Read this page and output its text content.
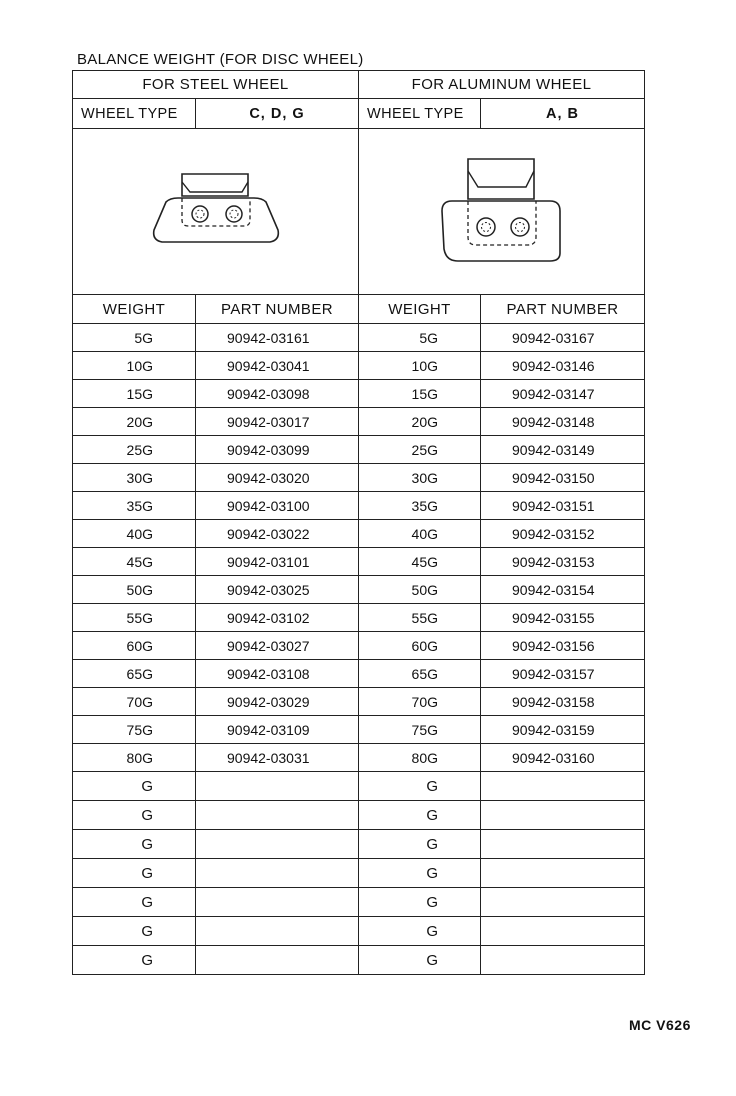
BALANCE WEIGHT (FOR DISC WHEEL)
FOR STEEL WHEEL		FOR ALUMINUM WHEEL	
WHEEL TYPE	C, D, G	WHEEL TYPE	A, B

WEIGHT	PART NUMBER	WEIGHT	PART NUMBER
5G	90942-03161	5G	90942-03167
10G	90942-03041	10G	90942-03146
15G	90942-03098	15G	90942-03147
20G	90942-03017	20G	90942-03148
25G	90942-03099	25G	90942-03149
30G	90942-03020	30G	90942-03150
35G	90942-03100	35G	90942-03151
40G	90942-03022	40G	90942-03152
45G	90942-03101	45G	90942-03153
50G	90942-03025	50G	90942-03154
55G	90942-03102	55G	90942-03155
60G	90942-03027	60G	90942-03156
65G	90942-03108	65G	90942-03157
70G	90942-03029	70G	90942-03158
75G	90942-03109	75G	90942-03159
80G	90942-03031	80G	90942-03160
G		G	
G		G	
G		G	
G		G	
G		G	
G		G	
G		G	
MC V626
